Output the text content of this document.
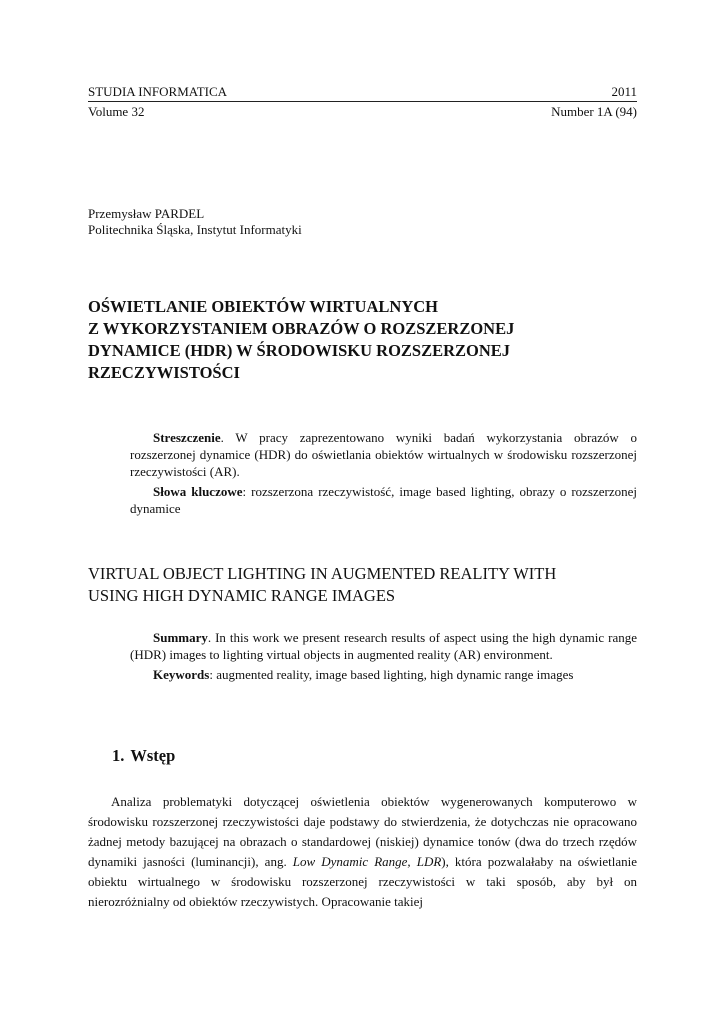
STUDIA INFORMATICA	2011
Volume 32	Number 1A (94)
Przemysław PARDEL
Politechnika Śląska, Instytut Informatyki
OŚWIETLANIE OBIEKTÓW WIRTUALNYCH
Z WYKORZYSTANIEM OBRAZÓW O ROZSZERZONEJ
DYNAMICE (HDR) W ŚRODOWISKU ROZSZERZONEJ
RZECZYWISTOŚCI

Streszczenie. W pracy zaprezentowano wyniki badań wykorzystania obrazów o rozszerzonej dynamice (HDR) do oświetlania obiektów wirtualnych w środowisku rozszerzonej rzeczywistości (AR).

Słowa kluczowe: rozszerzona rzeczywistość, image based lighting, obrazy o rozszerzonej dynamice

VIRTUAL OBJECT LIGHTING IN AUGMENTED REALITY WITH
USING HIGH DYNAMIC RANGE IMAGES

Summary. In this work we present research results of aspect using the high dynamic range (HDR) images to lighting virtual objects in augmented reality (AR) environment.

Keywords: augmented reality, image based lighting, high dynamic range images

1. Wstęp

Analiza problematyki dotyczącej oświetlenia obiektów wygenerowanych komputerowo w środowisku rozszerzonej rzeczywistości daje podstawy do stwierdzenia, że dotychczas nie opracowano żadnej metody bazującej na obrazach o standardowej (niskiej) dynamice tonów (dwa do trzech rzędów dynamiki jasności (luminancji), ang. Low Dynamic Range, LDR), która pozwalałaby na oświetlanie obiektu wirtualnego w środowisku rozszerzonej rzeczywistości w taki sposób, aby był on nierozróżnialny od obiektów rzeczywistych. Opracowanie takiej
